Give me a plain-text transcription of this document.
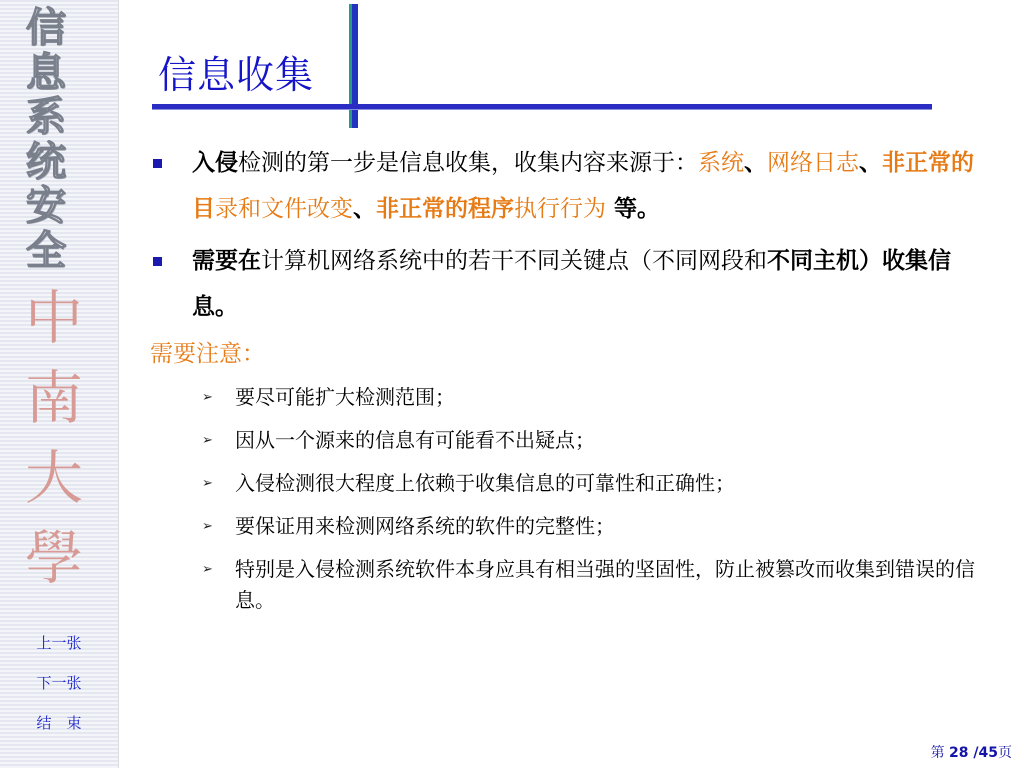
信
息
系
统
安
全
中
南
大
學
上一张
下一张
结　束
信息收集
入侵检测的第一步是信息收集，收集内容来源于：系统、网络日志、非正常的目录和文件改变、非正常的程序执行行为 等。
需要在计算机网络系统中的若干不同关键点（不同网段和不同主机）收集信息。
需要注意：
➢ 要尽可能扩大检测范围；
➢ 因从一个源来的信息有可能看不出疑点；
➢ 入侵检测很大程度上依赖于收集信息的可靠性和正确性；
➢ 要保证用来检测网络系统的软件的完整性；
➢ 特别是入侵检测系统软件本身应具有相当强的坚固性，防止被篡改而收集到错误的信息。
第 28 /45页
